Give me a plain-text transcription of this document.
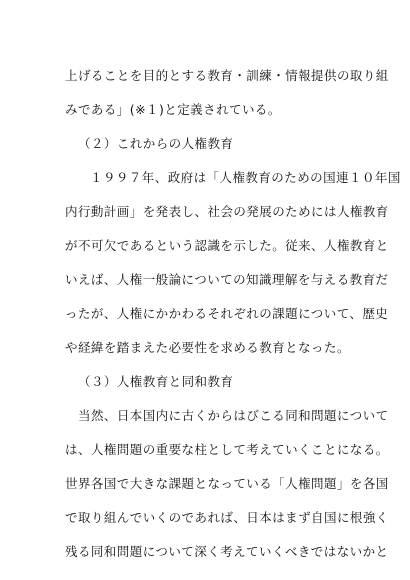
上げることを目的とする教育・訓練・情報提供の取り組
みである」(※１)と定義されている。
（２）これからの人権教育
１９９７年、政府は「人権教育のための国連１０年国
内行動計画」を発表し、社会の発展のためには人権教育
が不可欠であるという認識を示した。従来、人権教育と
いえば、人権一般論についての知識理解を与える教育だ
ったが、人権にかかわるそれぞれの課題について、歴史
や経緯を踏まえた必要性を求める教育となった。
（３）人権教育と同和教育
当然、日本国内に古くからはびこる同和問題について
は、人権問題の重要な柱として考えていくことになる。
世界各国で大きな課題となっている「人権問題」を各国
で取り組んでいくのであれば、日本はまず自国に根強く
残る同和問題について深く考えていくべきではないかと
